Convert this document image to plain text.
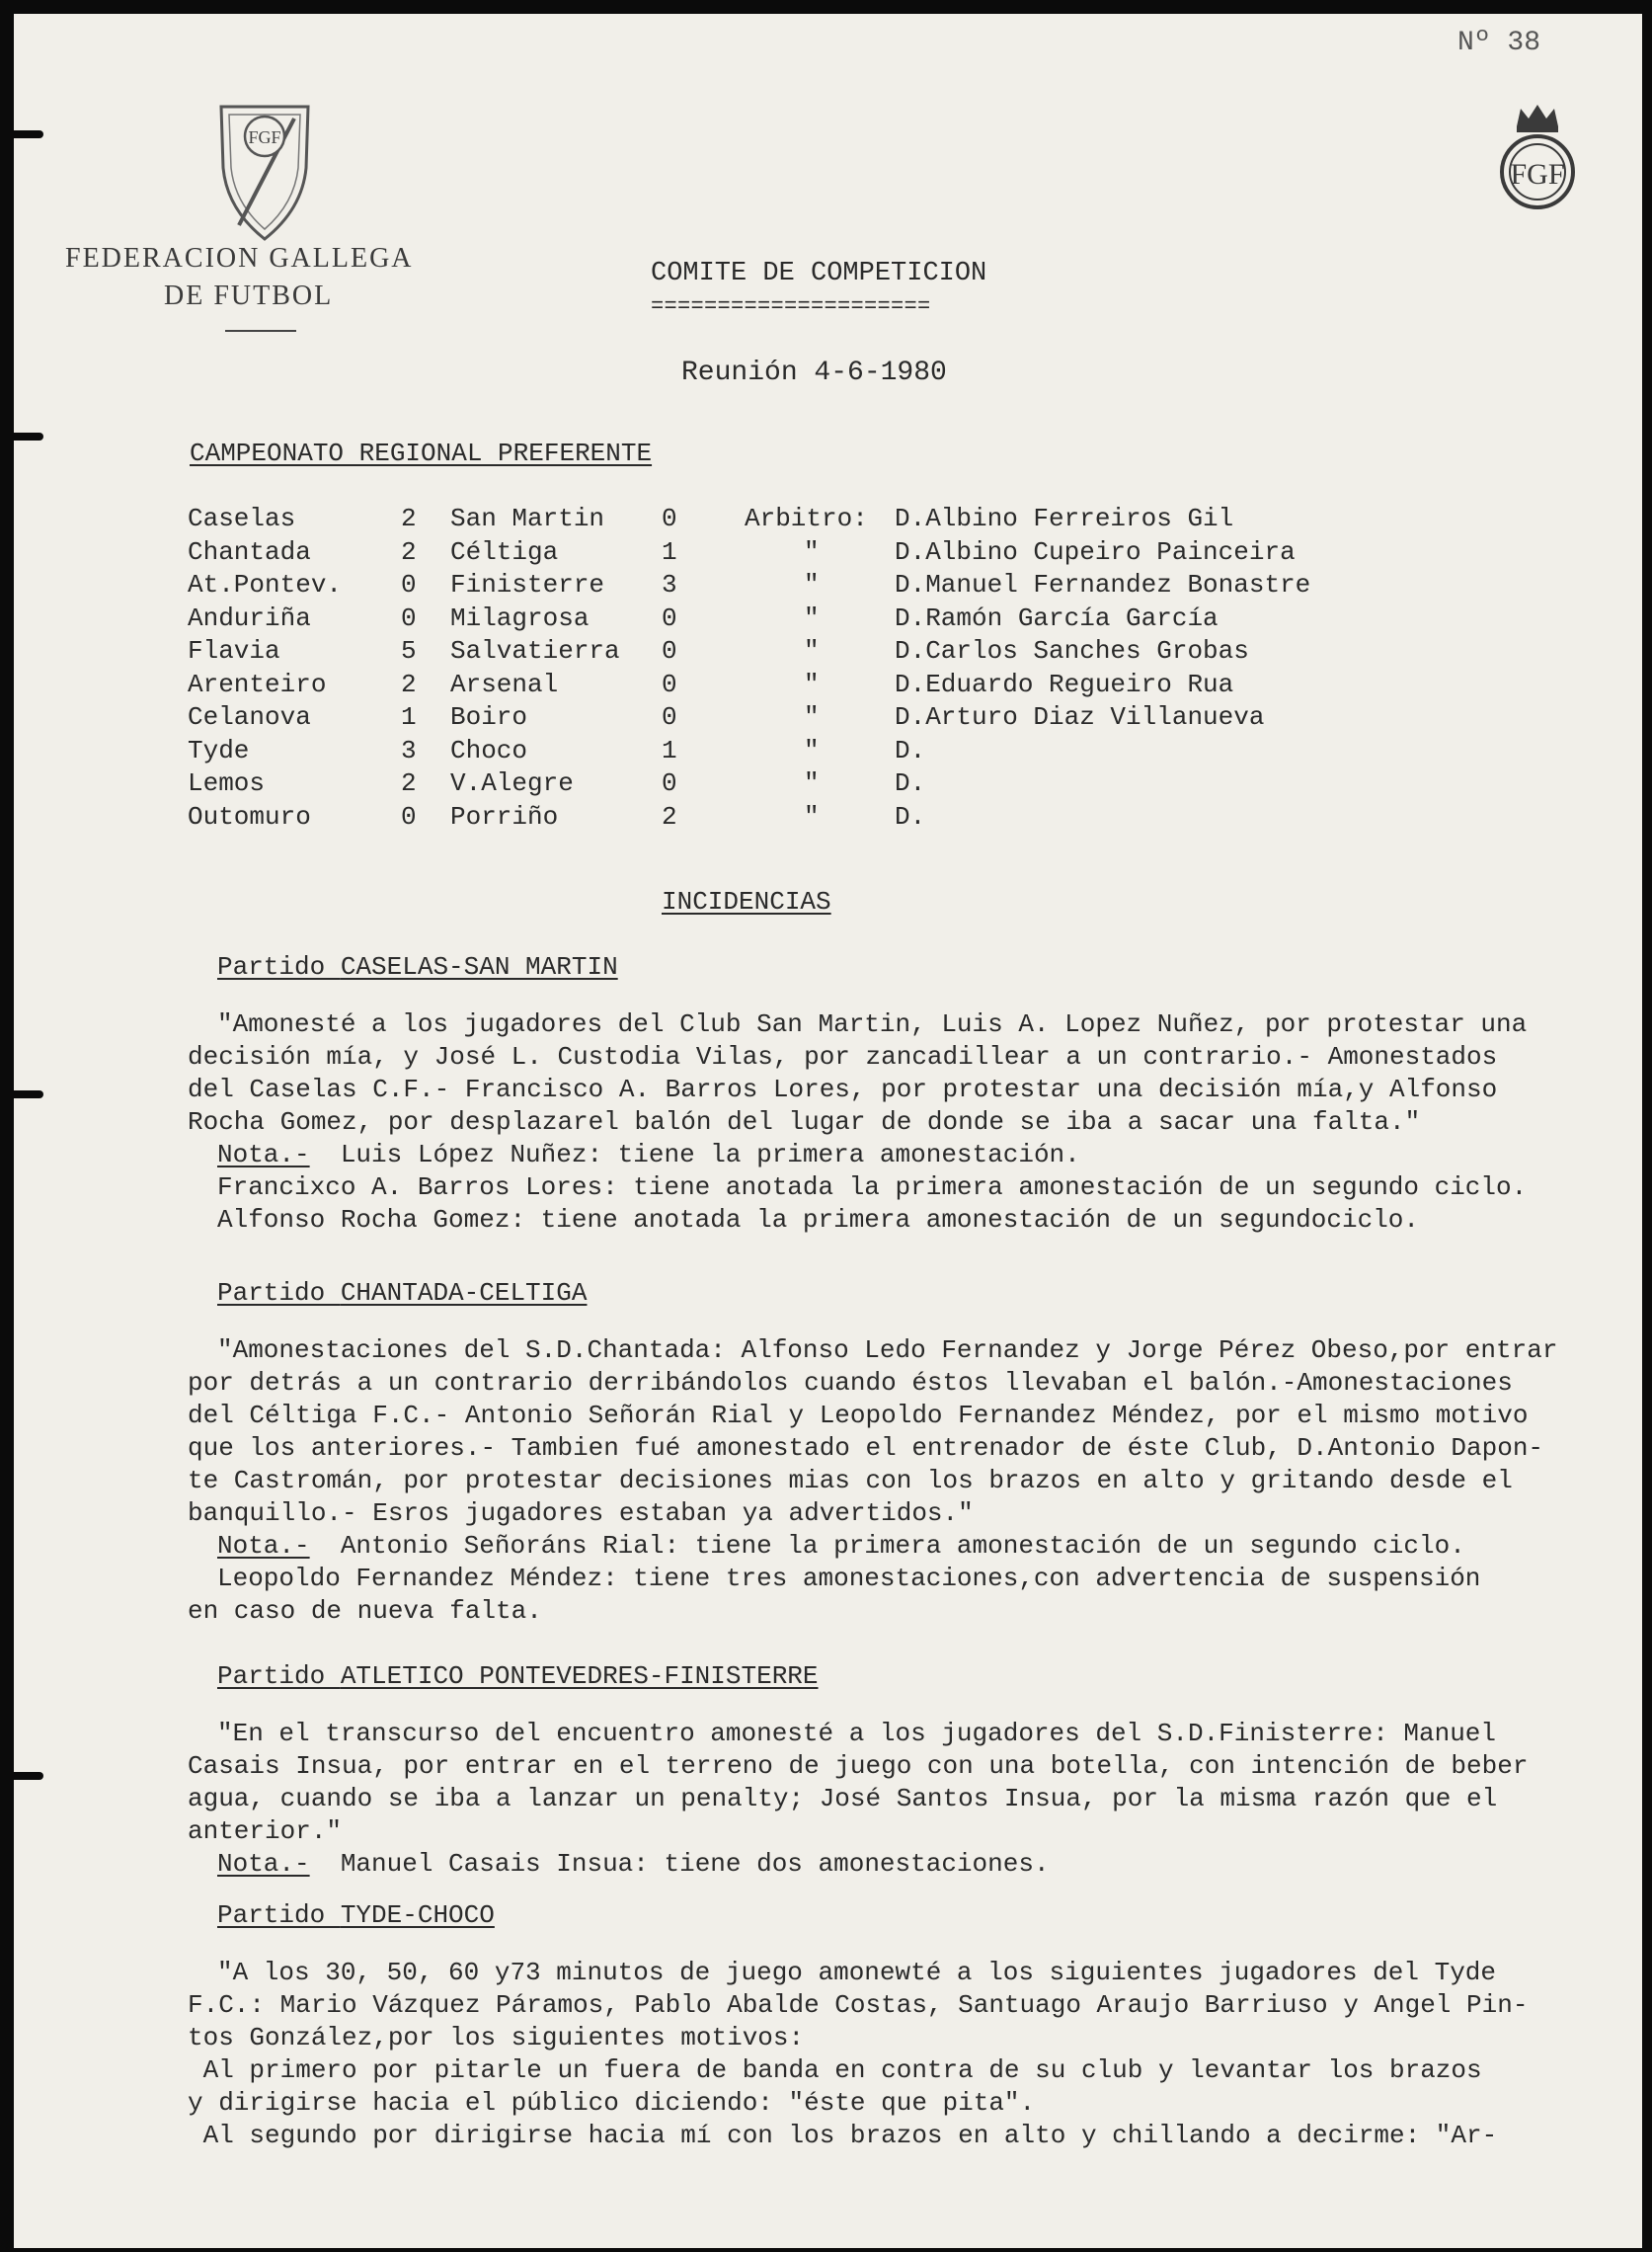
Nº 38
FGF
FEDERACION GALLEGA
DE FUTBOL
FGF
COMITE DE COMPETICION
=====================
Reunión 4-6-1980
CAMPEONATO REGIONAL PREFERENTE
Caselas	2 San Martin 0	Arbitro: D.Albino Ferreiros Gil
Chantada	2 Céltiga	1	"	D.Albino Cupeiro Painceira
At.Pontev. 0 Finisterre 3	"	D.Manuel Fernandez Bonastre
Anduriña	0 Milagrosa	0	"	D.Ramón García García
Flavia	5 Salvatierra 0	"	D.Carlos Sanches Grobas
Arenteiro	2 Arsenal	0	"	D.Eduardo Regueiro Rua
Celanova	1 Boiro	0	"	D.Arturo Diaz Villanueva
Tyde	3 Choco	1	"	D.
Lemos	2 V.Alegre	0	"	D.
Outomuro	0 Porriño	2	"	D.
INCIDENCIAS
Partido CASELAS-SAN MARTIN
"Amonesté a los jugadores del Club San Martin, Luis A. Lopez Nuñez, por protestar una
decisión mía, y José L. Custodia Vilas, por zancadillear a un contrario.- Amonestados
del Caselas C.F.- Francisco A. Barros Lores, por protestar una decisión mía,y Alfonso
Rocha Gomez, por desplazarel balón del lugar de donde se iba a sacar una falta."
Nota.-  Luis López Nuñez: tiene la primera amonestación.
Francixco A. Barros Lores: tiene anotada la primera amonestación de un segundo ciclo.
Alfonso Rocha Gomez: tiene anotada la primera amonestación de un segundociclo.
Partido CHANTADA-CELTIGA
"Amonestaciones del S.D.Chantada: Alfonso Ledo Fernandez y Jorge Pérez Obeso,por entrar
por detrás a un contrario derribándolos cuando éstos llevaban el balón.-Amonestaciones
del Céltiga F.C.- Antonio Señorán Rial y Leopoldo Fernandez Méndez, por el mismo motivo
que los anteriores.- Tambien fué amonestado el entrenador de éste Club, D.Antonio Dapon-
te Castromán, por protestar decisiones mias con los brazos en alto y gritando desde el
banquillo.- Esros jugadores estaban ya advertidos."
Nota.-  Antonio Señoráns Rial: tiene la primera amonestación de un segundo ciclo.
Leopoldo Fernandez Méndez: tiene tres amonestaciones,con advertencia de suspensión
en caso de nueva falta.
Partido ATLETICO PONTEVEDRES-FINISTERRE
"En el transcurso del encuentro amonesté a los jugadores del S.D.Finisterre: Manuel
Casais Insua, por entrar en el terreno de juego con una botella, con intención de beber
agua, cuando se iba a lanzar un penalty; José Santos Insua, por la misma razón que el
anterior."
Nota.-  Manuel Casais Insua: tiene dos amonestaciones.
Partido TYDE-CHOCO
"A los 30, 50, 60 y73 minutos de juego amonewté a los siguientes jugadores del Tyde
F.C.: Mario Vázquez Páramos, Pablo Abalde Costas, Santuago Araujo Barriuso y Angel Pin-
tos González,por los siguientes motivos:
Al primero por pitarle un fuera de banda en contra de su club y levantar los brazos
y dirigirse hacia el público diciendo: "éste que pita".
Al segundo por dirigirse hacia mí con los brazos en alto y chillando a decirme: "Ar-
